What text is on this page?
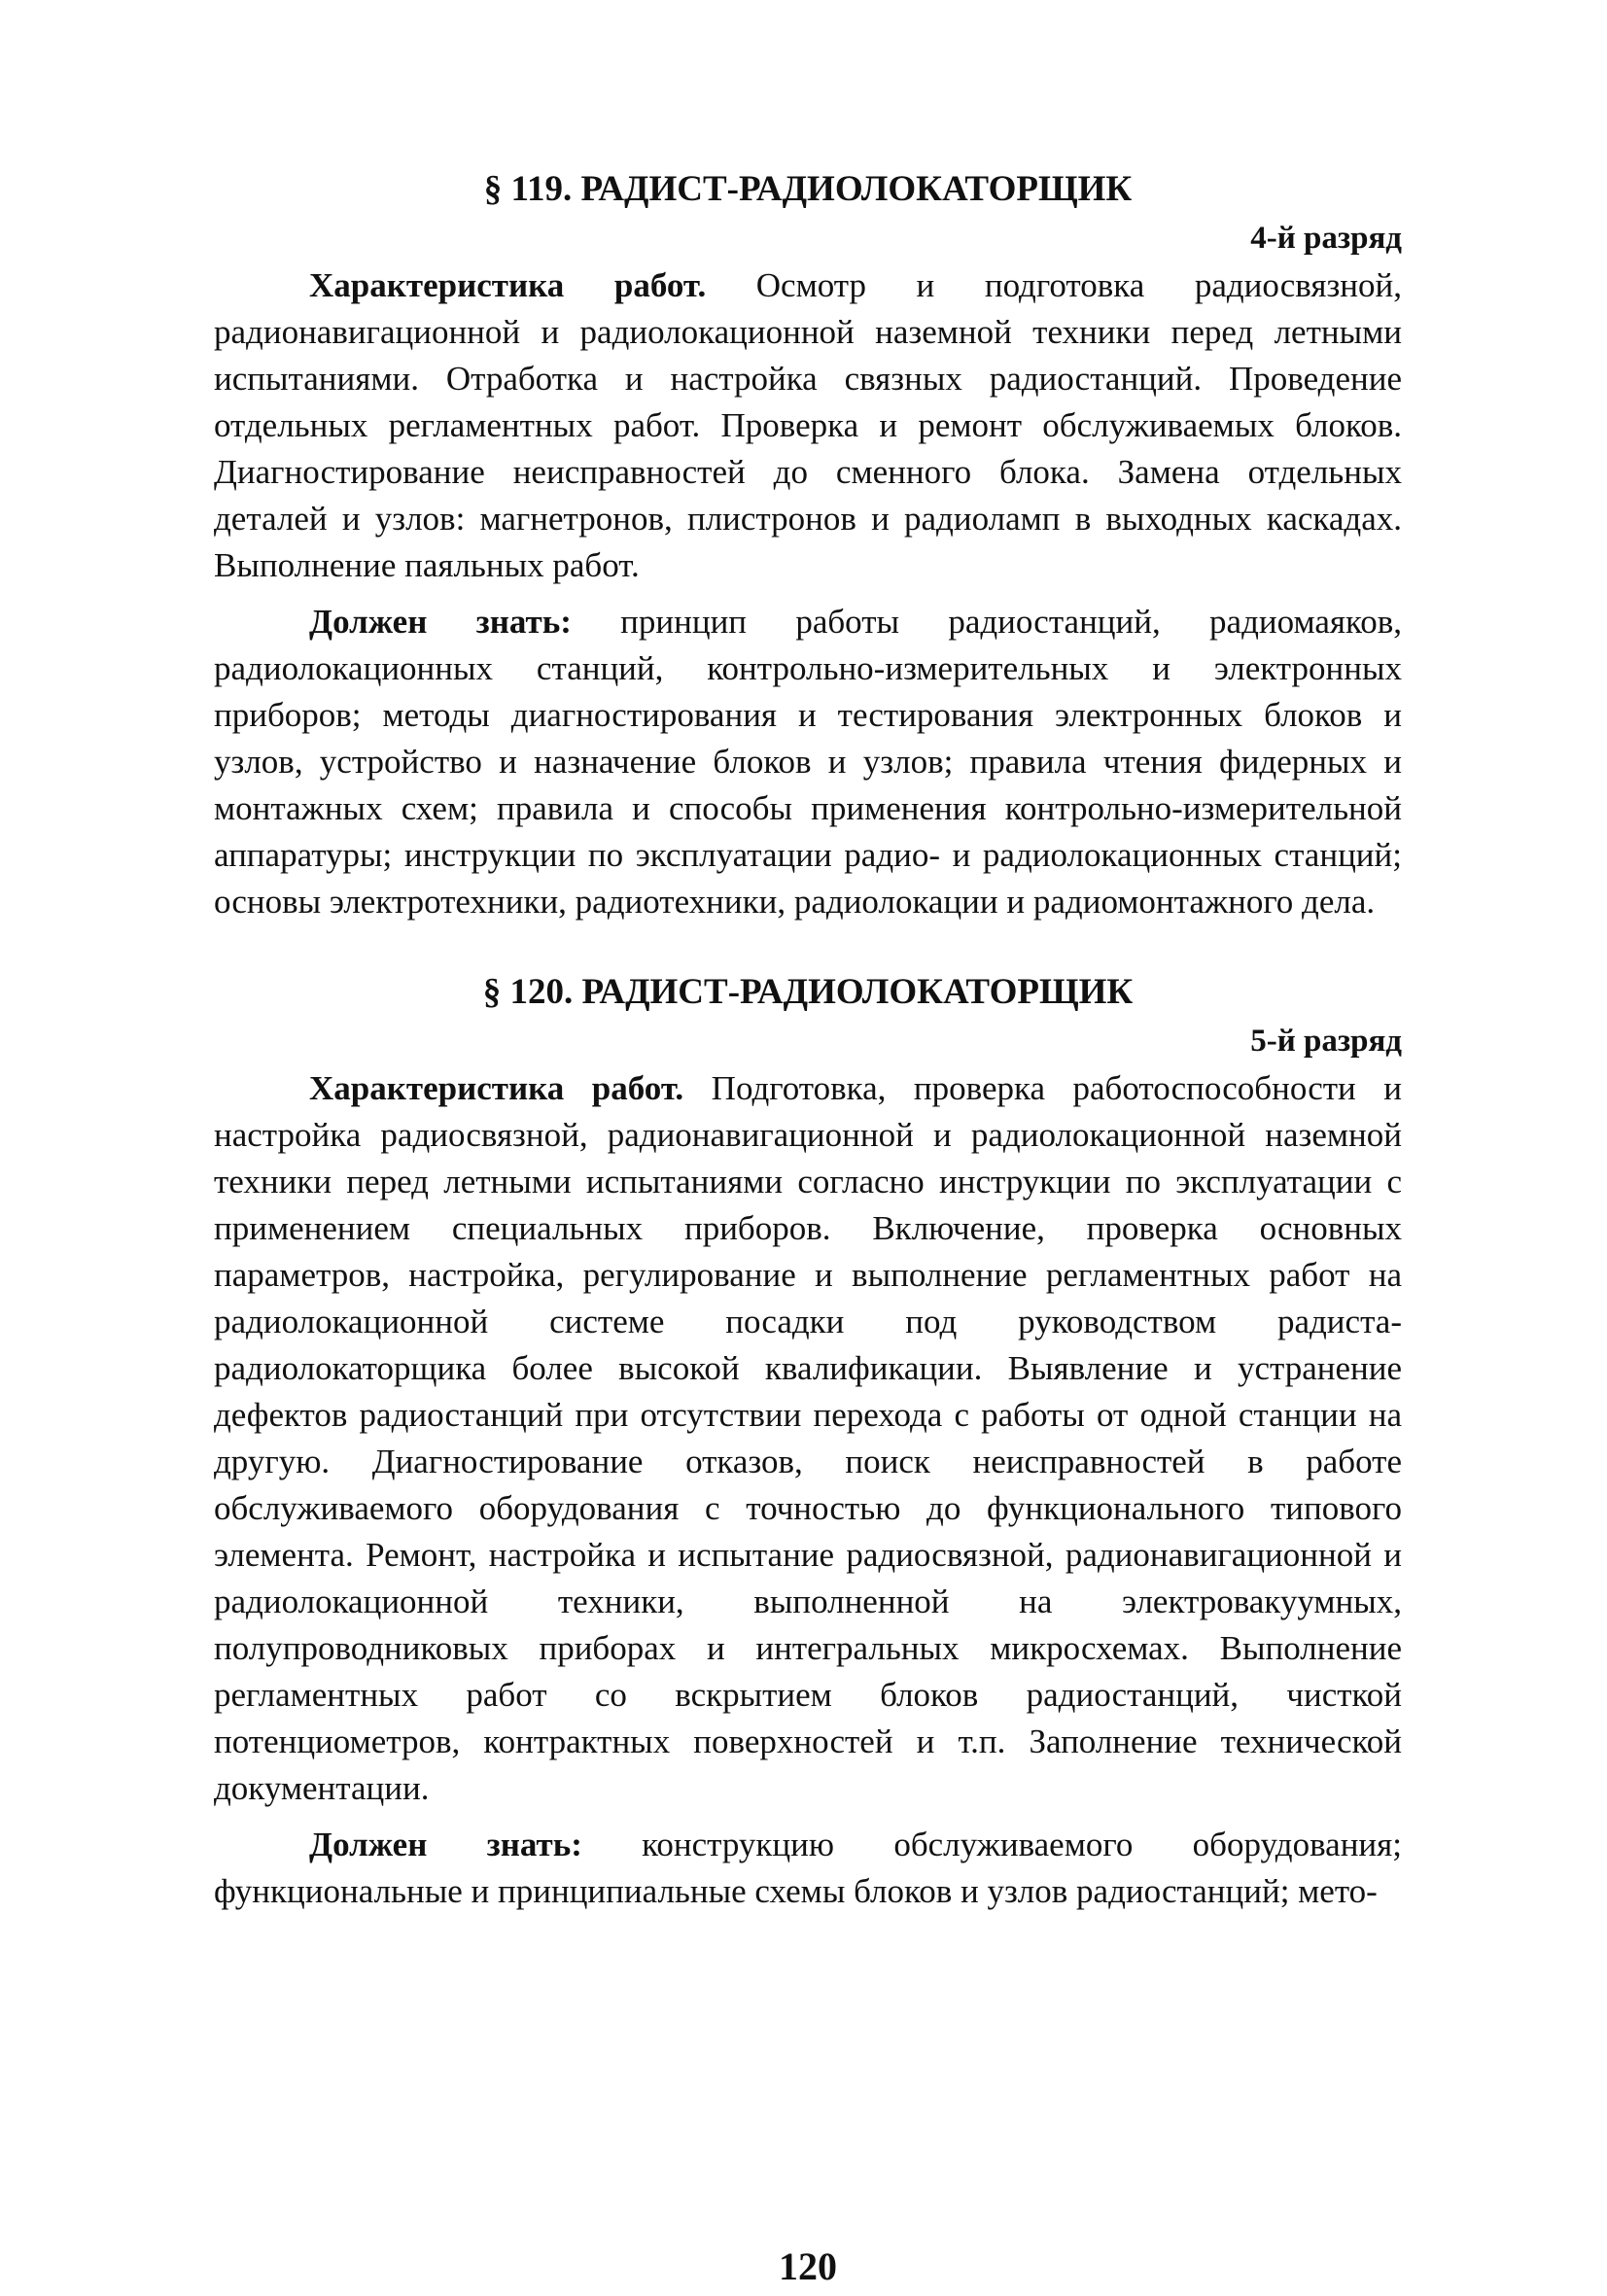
§ 119. РАДИСТ-РАДИОЛОКАТОРЩИК
4-й разряд

Характеристика работ. Осмотр и подготовка радиосвязной, радионавигационной и радиолокационной наземной техники перед летными испытаниями. Отработка и настройка связных радиостанций. Проведение отдельных регламентных работ. Проверка и ремонт обслуживаемых блоков. Диагностирование неисправностей до сменного блока. Замена отдельных деталей и узлов: магнетронов, плистронов и радиоламп в выходных каскадах. Выполнение паяльных работ.

Должен знать: принцип работы радиостанций, радиомаяков, радиолокационных станций, контрольно-измерительных и электронных приборов; методы диагностирования и тестирования электронных блоков и узлов, устройство и назначение блоков и узлов; правила чтения фидерных и монтажных схем; правила и способы применения контрольно-измерительной аппаратуры; инструкции по эксплуатации радио- и радиолокационных станций; основы электротехники, радиотехники, радиолокации и радиомонтажного дела.

§ 120. РАДИСТ-РАДИОЛОКАТОРЩИК
5-й разряд

Характеристика работ. Подготовка, проверка работоспособности и настройка радиосвязной, радионавигационной и радиолокационной наземной техники перед летными испытаниями согласно инструкции по эксплуатации с применением специальных приборов. Включение, проверка основных параметров, настройка, регулирование и выполнение регламентных работ на радиолокационной системе посадки под руководством радиста-радиолокаторщика более высокой квалификации. Выявление и устранение дефектов радиостанций при отсутствии перехода с работы от одной станции на другую. Диагностирование отказов, поиск неисправностей в работе обслуживаемого оборудования с точностью до функционального типового элемента. Ремонт, настройка и испытание радиосвязной, радионавигационной и радиолокационной техники, выполненной на электровакуумных, полупроводниковых приборах и интегральных микросхемах. Выполнение регламентных работ со вскрытием блоков радиостанций, чисткой потенциометров, контрактных поверхностей и т.п. Заполнение технической документации.

Должен знать: конструкцию обслуживаемого оборудования; функциональные и принципиальные схемы блоков и узлов радиостанций; мето-

120
